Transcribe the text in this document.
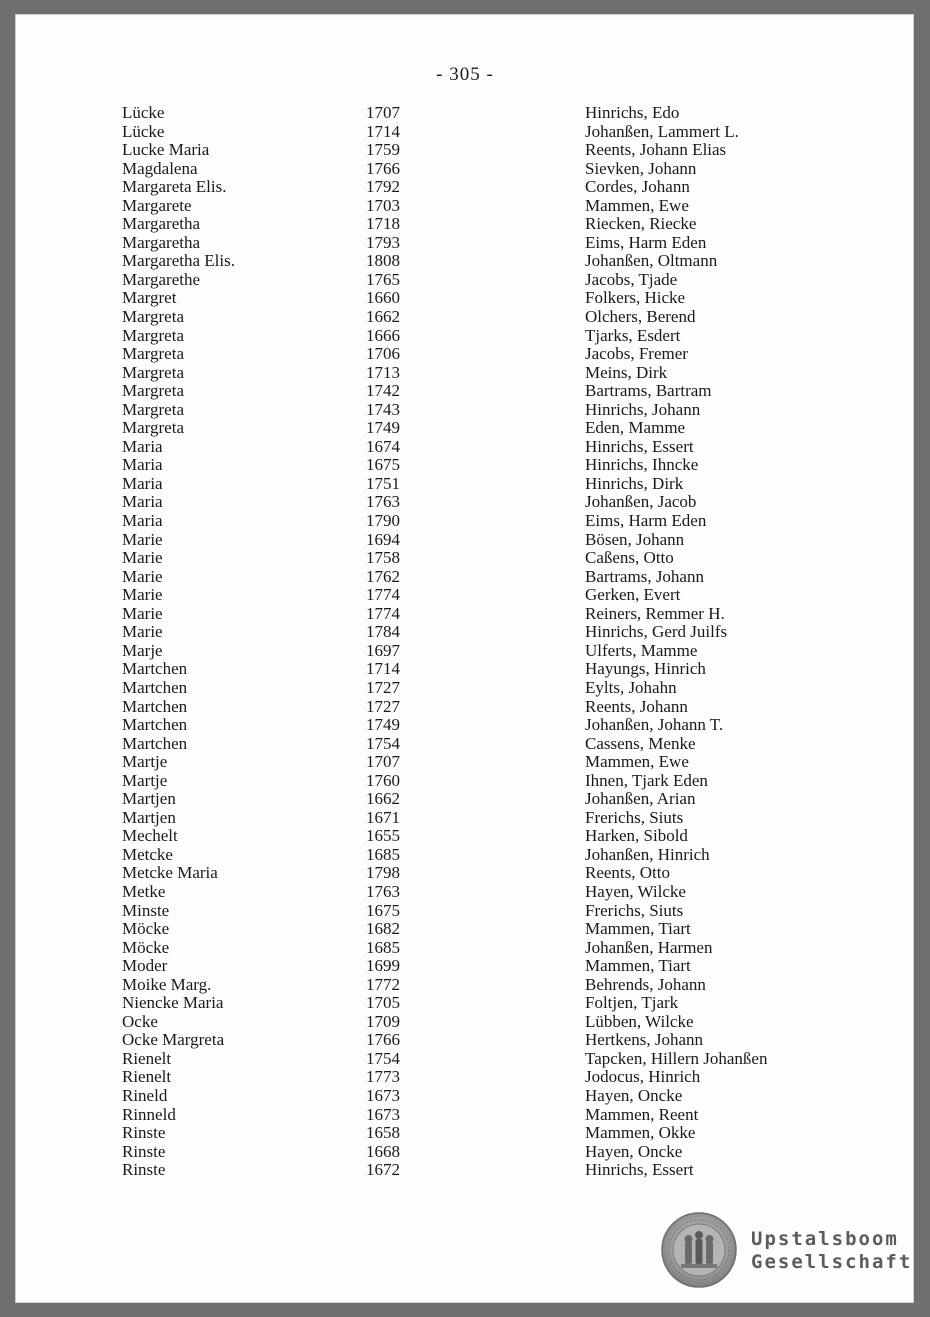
- 305 -
Lücke	1707	Hinrichs, Edo
Lücke	1714	Johanßen, Lammert L.
Lucke Maria	1759	Reents, Johann Elias
Magdalena	1766	Sievken, Johann
Margareta Elis.	1792	Cordes, Johann
Margarete	1703	Mammen, Ewe
Margaretha	1718	Riecken, Riecke
Margaretha	1793	Eims, Harm Eden
Margaretha Elis.	1808	Johanßen, Oltmann
Margarethe	1765	Jacobs, Tjade
Margret	1660	Folkers, Hicke
Margreta	1662	Olchers, Berend
Margreta	1666	Tjarks, Esdert
Margreta	1706	Jacobs, Fremer
Margreta	1713	Meins, Dirk
Margreta	1742	Bartrams, Bartram
Margreta	1743	Hinrichs, Johann
Margreta	1749	Eden, Mamme
Maria	1674	Hinrichs, Essert
Maria	1675	Hinrichs, Ihncke
Maria	1751	Hinrichs, Dirk
Maria	1763	Johanßen, Jacob
Maria	1790	Eims, Harm Eden
Marie	1694	Bösen, Johann
Marie	1758	Caßens, Otto
Marie	1762	Bartrams, Johann
Marie	1774	Gerken, Evert
Marie	1774	Reiners, Remmer H.
Marie	1784	Hinrichs, Gerd Juilfs
Marje	1697	Ulferts, Mamme
Martchen	1714	Hayungs, Hinrich
Martchen	1727	Eylts, Johahn
Martchen	1727	Reents, Johann
Martchen	1749	Johanßen, Johann T.
Martchen	1754	Cassens, Menke
Martje	1707	Mammen, Ewe
Martje	1760	Ihnen, Tjark Eden
Martjen	1662	Johanßen, Arian
Martjen	1671	Frerichs, Siuts
Mechelt	1655	Harken, Sibold
Metcke	1685	Johanßen, Hinrich
Metcke Maria	1798	Reents, Otto
Metke	1763	Hayen, Wilcke
Minste	1675	Frerichs, Siuts
Möcke	1682	Mammen, Tiart
Möcke	1685	Johanßen, Harmen
Moder	1699	Mammen, Tiart
Moike Marg.	1772	Behrends, Johann
Niencke Maria	1705	Foltjen, Tjark
Ocke	1709	Lübben, Wilcke
Ocke Margreta	1766	Hertkens, Johann
Rienelt	1754	Tapcken, Hillern Johanßen
Rienelt	1773	Jodocus, Hinrich
Rineld	1673	Hayen, Oncke
Rinneld	1673	Mammen, Reent
Rinste	1658	Mammen, Okke
Rinste	1668	Hayen, Oncke
Rinste	1672	Hinrichs, Essert
Upstalsboom
Gesellschaft
